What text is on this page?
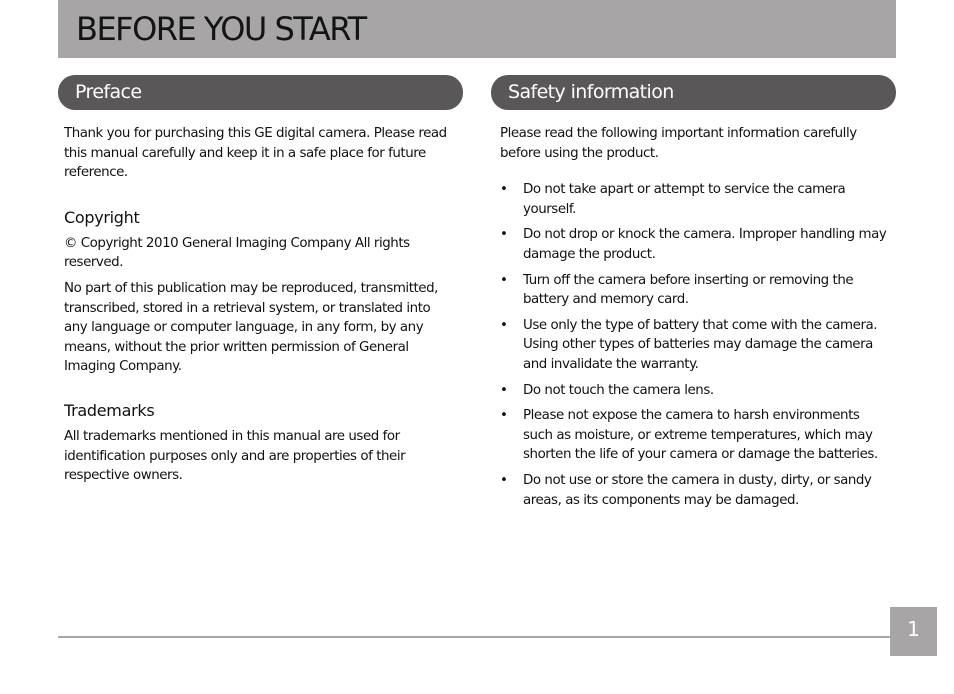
BEFORE YOU START
Preface	Safety information

Thank you for purchasing this GE digital camera. Please read this manual carefully and keep it in a safe place for future reference.

Copyright

© Copyright 2010 General Imaging Company All rights reserved.

No part of this publication may be reproduced, transmitted, transcribed, stored in a retrieval system, or translated into any language or computer language, in any form, by any means, without the prior written permission of General Imaging Company.

Trademarks

All trademarks mentioned in this manual are used for identification purposes only and are properties of their respective owners.

Please read the following important information carefully before using the product.

• Do not take apart or attempt to service the camera yourself.
• Do not drop or knock the camera. Improper handling may damage the product.
• Turn off the camera before inserting or removing the battery and memory card.
• Use only the type of battery that come with the camera. Using other types of batteries may damage the camera and invalidate the warranty.
• Do not touch the camera lens.
• Please not expose the camera to harsh environments such as moisture, or extreme temperatures, which may shorten the life of your camera or damage the batteries.
• Do not use or store the camera in dusty, dirty, or sandy areas, as its components may be damaged.
1
